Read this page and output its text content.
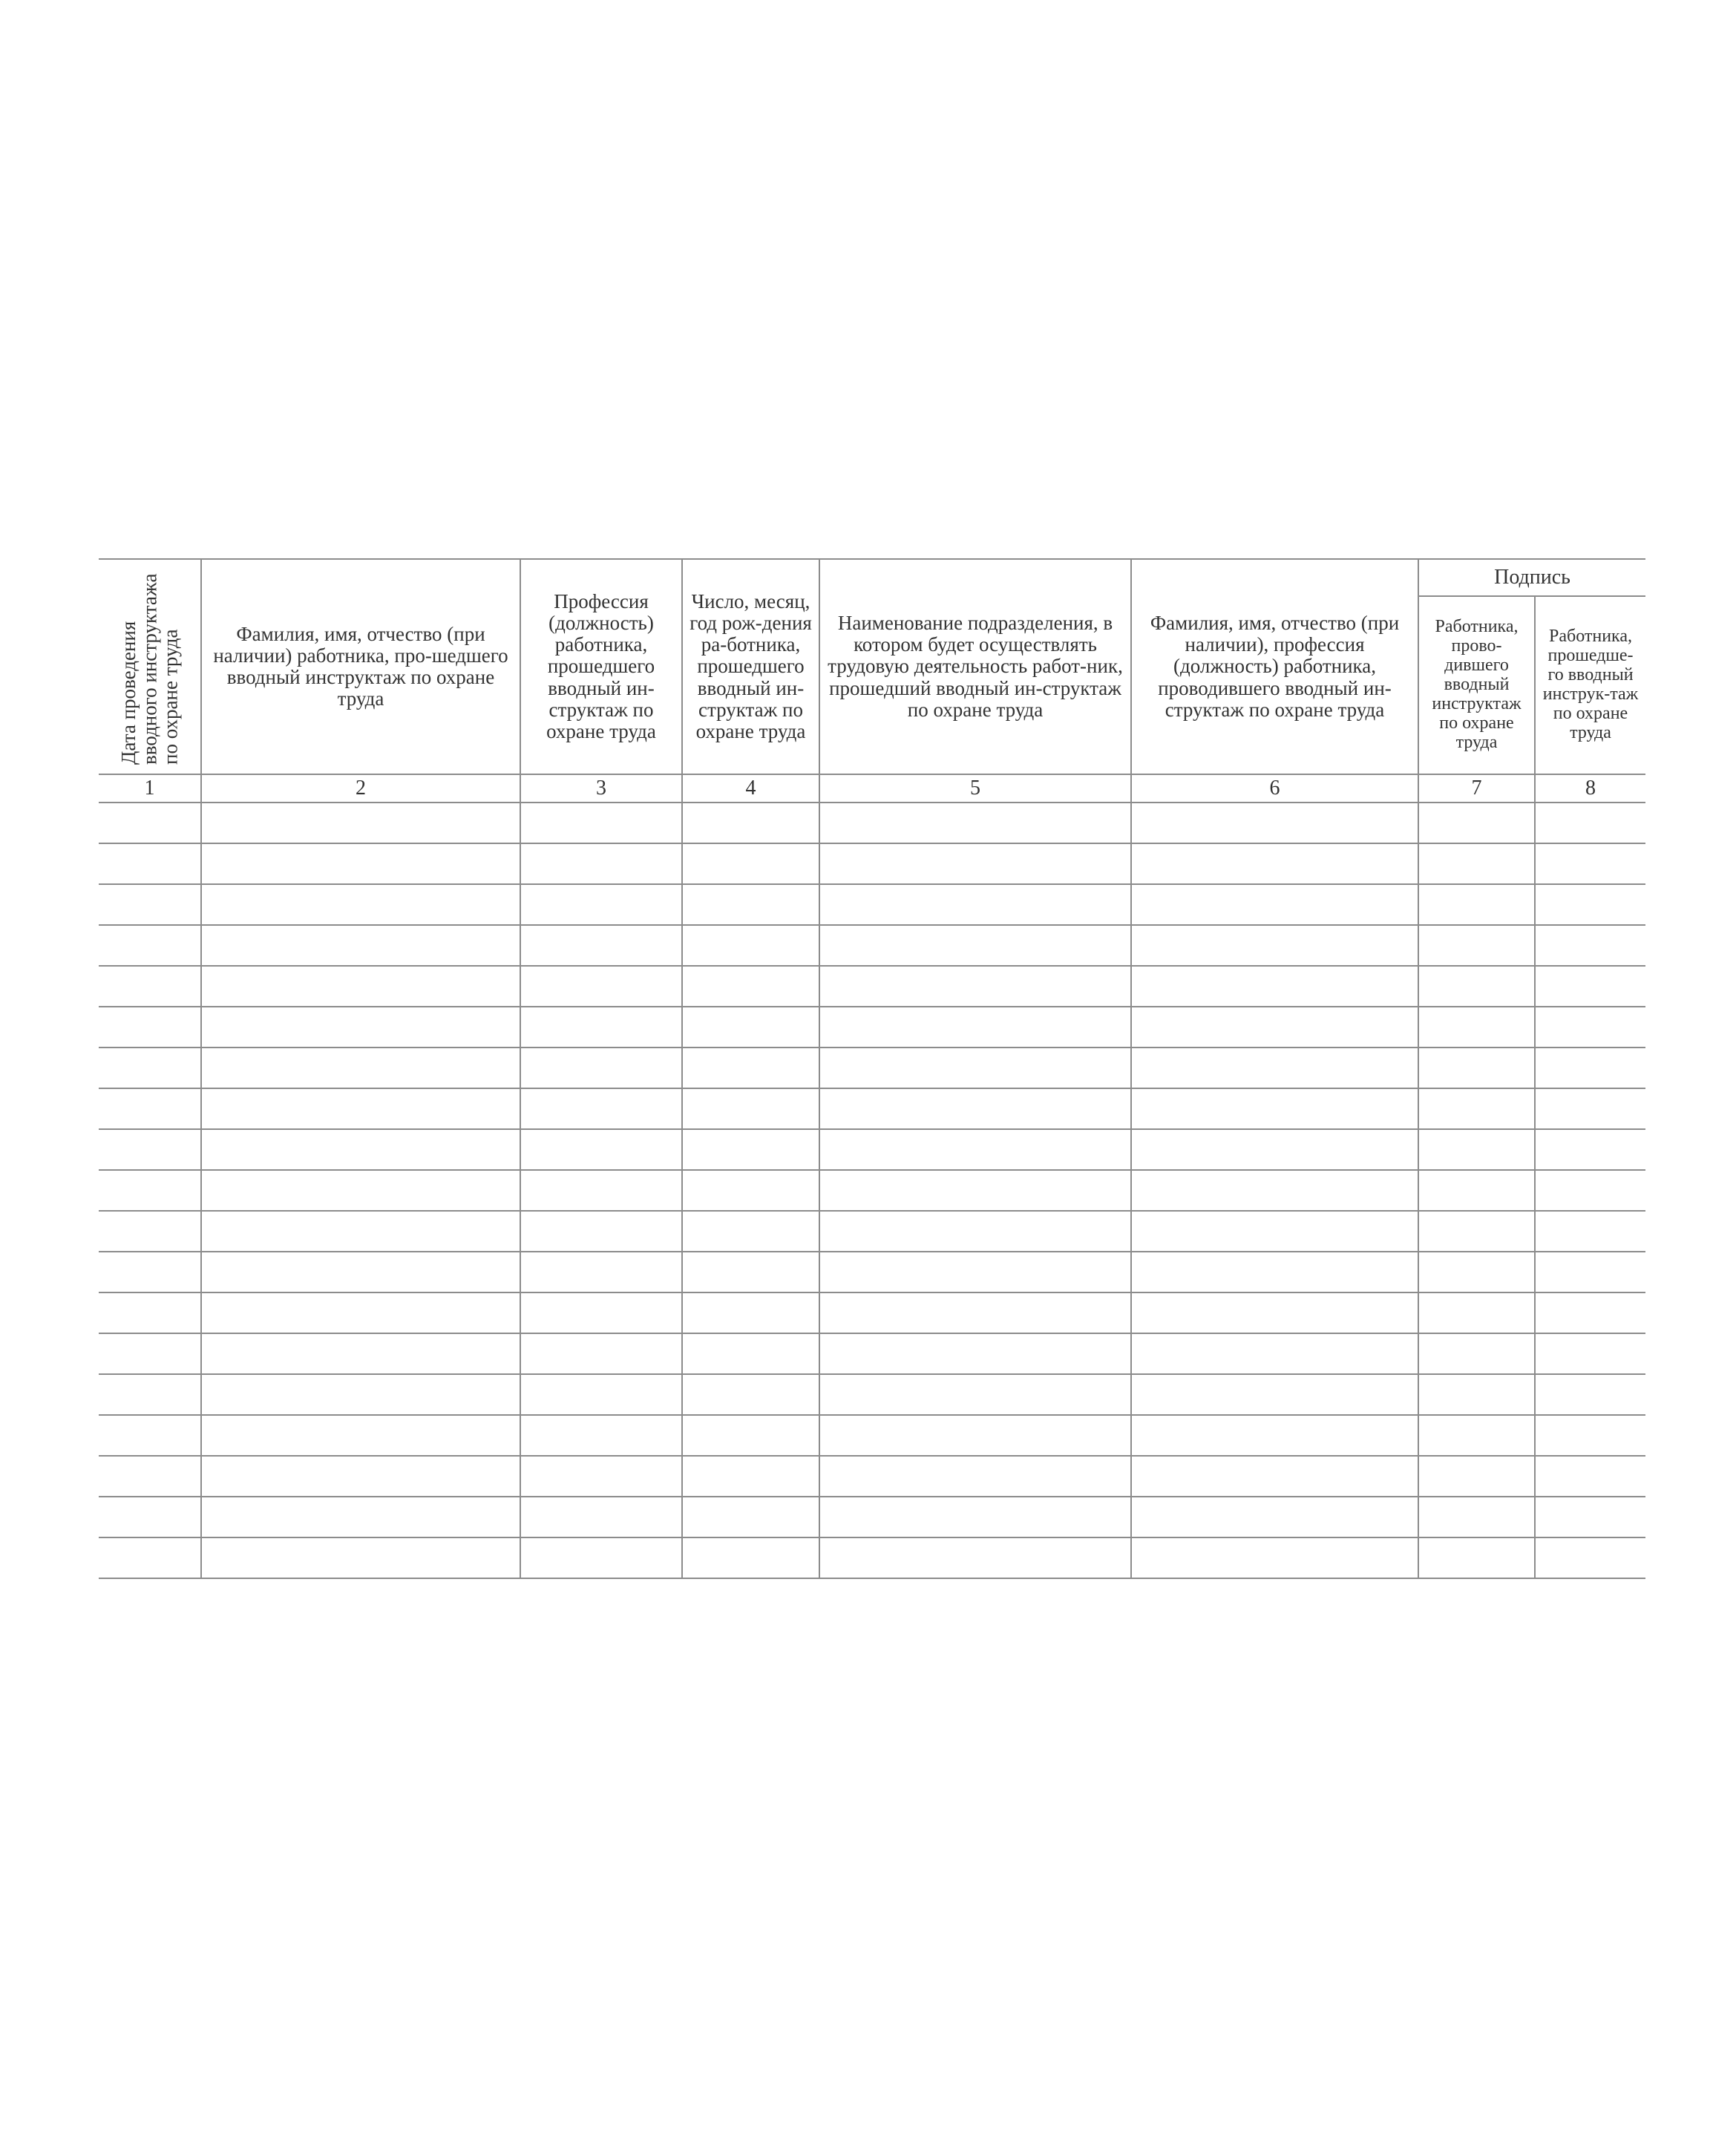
Дата проведения
вводного инструктажа
по охране труда	Фамилия, имя, отчество (при наличии) работника, про-шедшего вводный инструктаж по охране труда	Профессия (должность) работника, прошедшего вводный ин-структаж по охране труда	Число, месяц, год рож-дения ра-ботника, прошедшего вводный ин-структаж по охране труда	Наименование подразделения, в котором будет осуществлять трудовую деятельность работ-ник, прошедший вводный ин-структаж по охране труда	Фамилия, имя, отчество (при наличии), профессия (должность) работника, проводившего вводный ин-структаж по охране труда	Подпись	
						Работника, прово-дившего вводный инструктаж по охране труда	Работника, прошедше-го вводный инструк-таж по охране труда
1	2	3	4	5	6	7	8
